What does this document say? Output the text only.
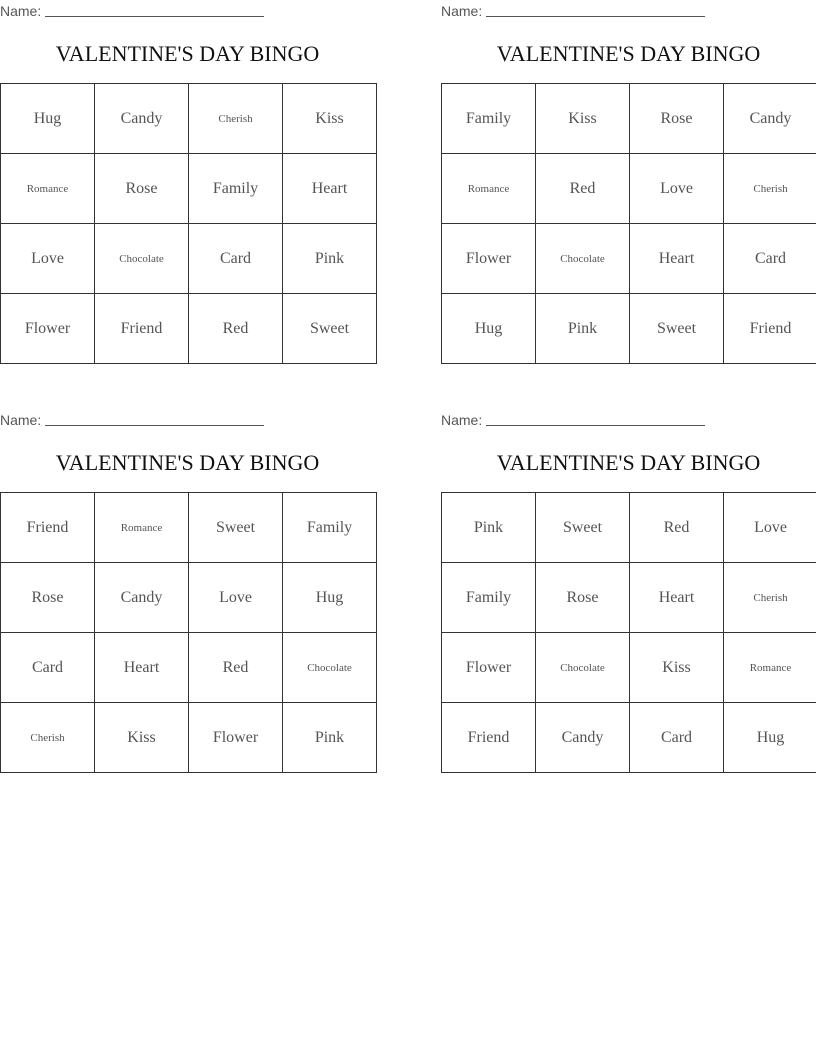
Name:
VALENTINE'S DAY BINGO
Hug	Candy	Cherish	Kiss
Romance	Rose	Family	Heart
Love	Chocolate	Card	Pink
Flower	Friend	Red	Sweet
Name:
VALENTINE'S DAY BINGO
Family	Kiss	Rose	Candy
Romance	Red	Love	Cherish
Flower	Chocolate	Heart	Card
Hug	Pink	Sweet	Friend
Name:
VALENTINE'S DAY BINGO
Friend	Romance	Sweet	Family
Rose	Candy	Love	Hug
Card	Heart	Red	Chocolate
Cherish	Kiss	Flower	Pink
Name:
VALENTINE'S DAY BINGO
Pink	Sweet	Red	Love
Family	Rose	Heart	Cherish
Flower	Chocolate	Kiss	Romance
Friend	Candy	Card	Hug
